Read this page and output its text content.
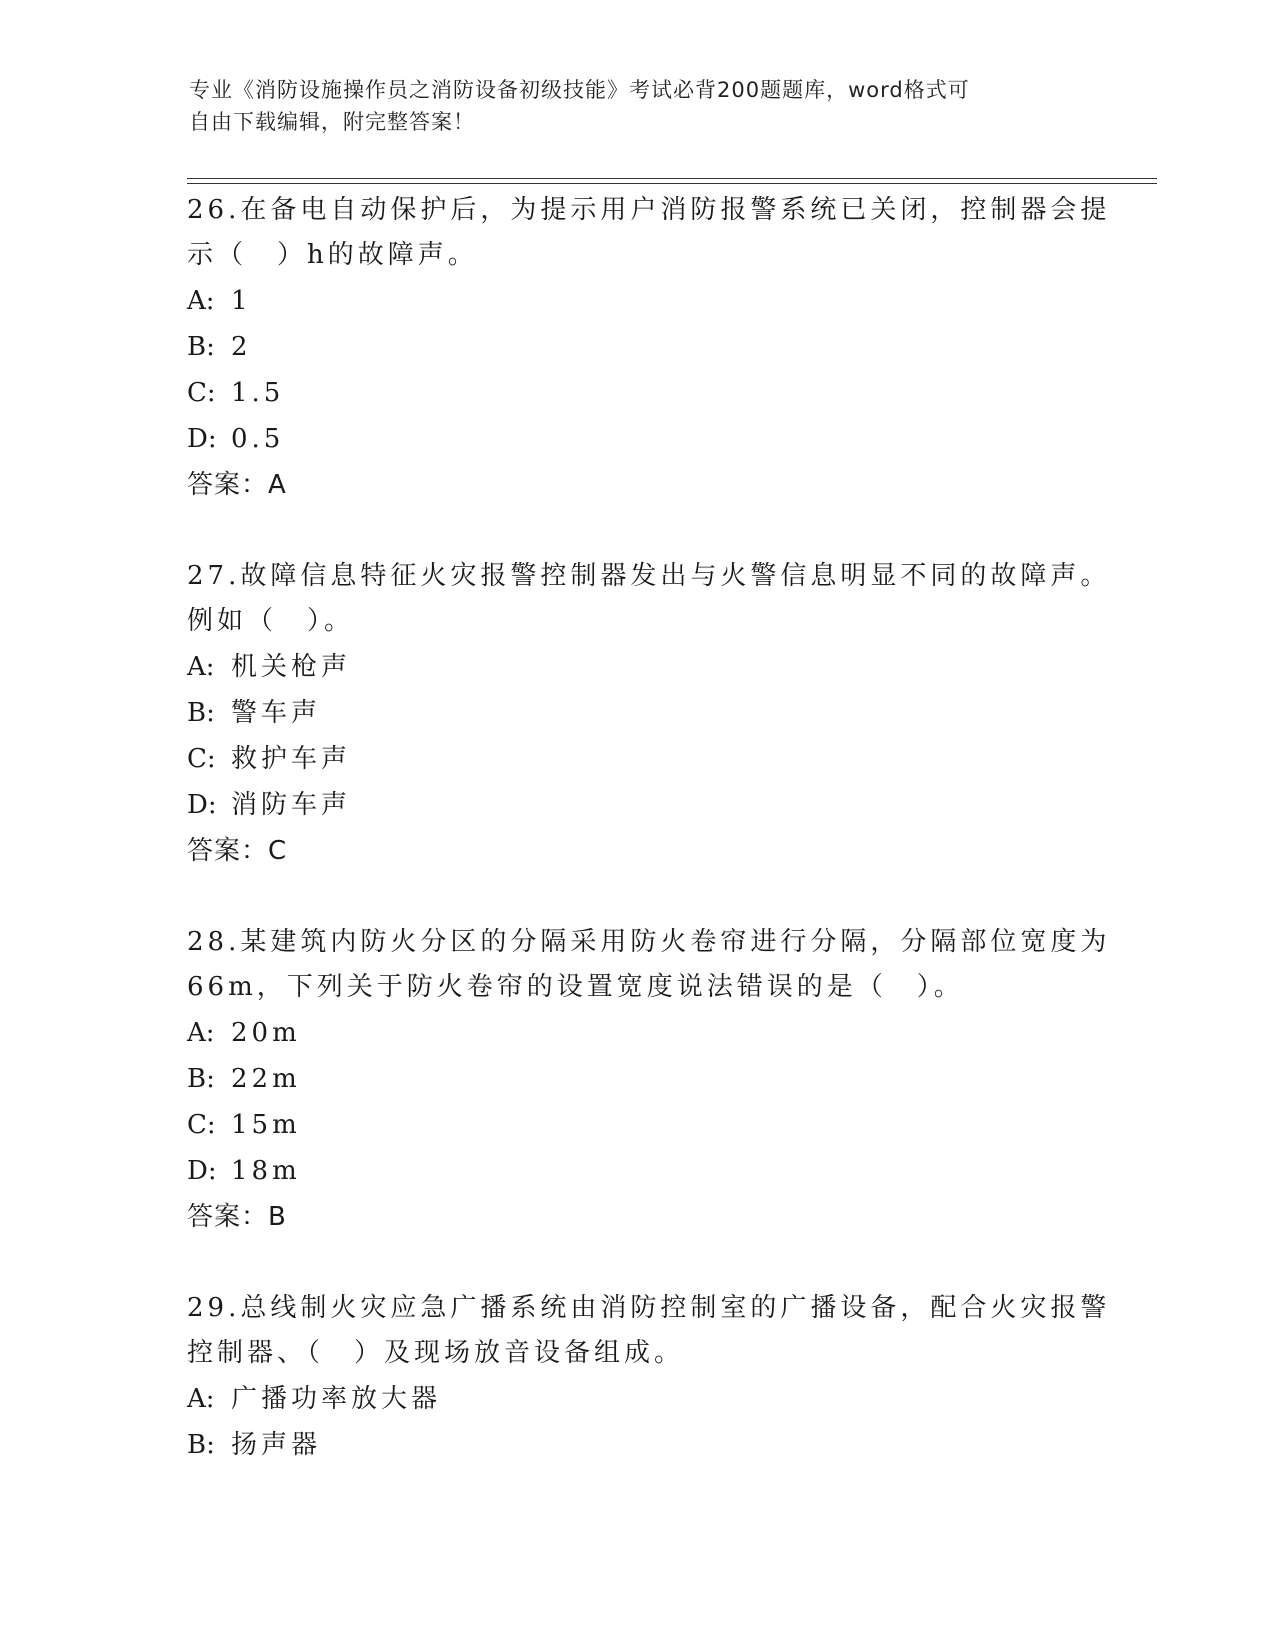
专业《消防设施操作员之消防设备初级技能》考试必背200题题库，word格式可
自由下载编辑，附完整答案！
26.在备电自动保护后，为提示用户消防报警系统已关闭，控制器会提
示（　）h的故障声。
A: 1
B: 2
C: 1.5
D: 0.5
答案：A
27.故障信息特征火灾报警控制器发出与火警信息明显不同的故障声。
例如（　）。
A: 机关枪声
B: 警车声
C: 救护车声
D: 消防车声
答案：C
28.某建筑内防火分区的分隔采用防火卷帘进行分隔，分隔部位宽度为
66m，下列关于防火卷帘的设置宽度说法错误的是（　）。
A: 20m
B: 22m
C: 15m
D: 18m
答案：B
29.总线制火灾应急广播系统由消防控制室的广播设备，配合火灾报警
控制器、（　）及现场放音设备组成。
A: 广播功率放大器
B: 扬声器
